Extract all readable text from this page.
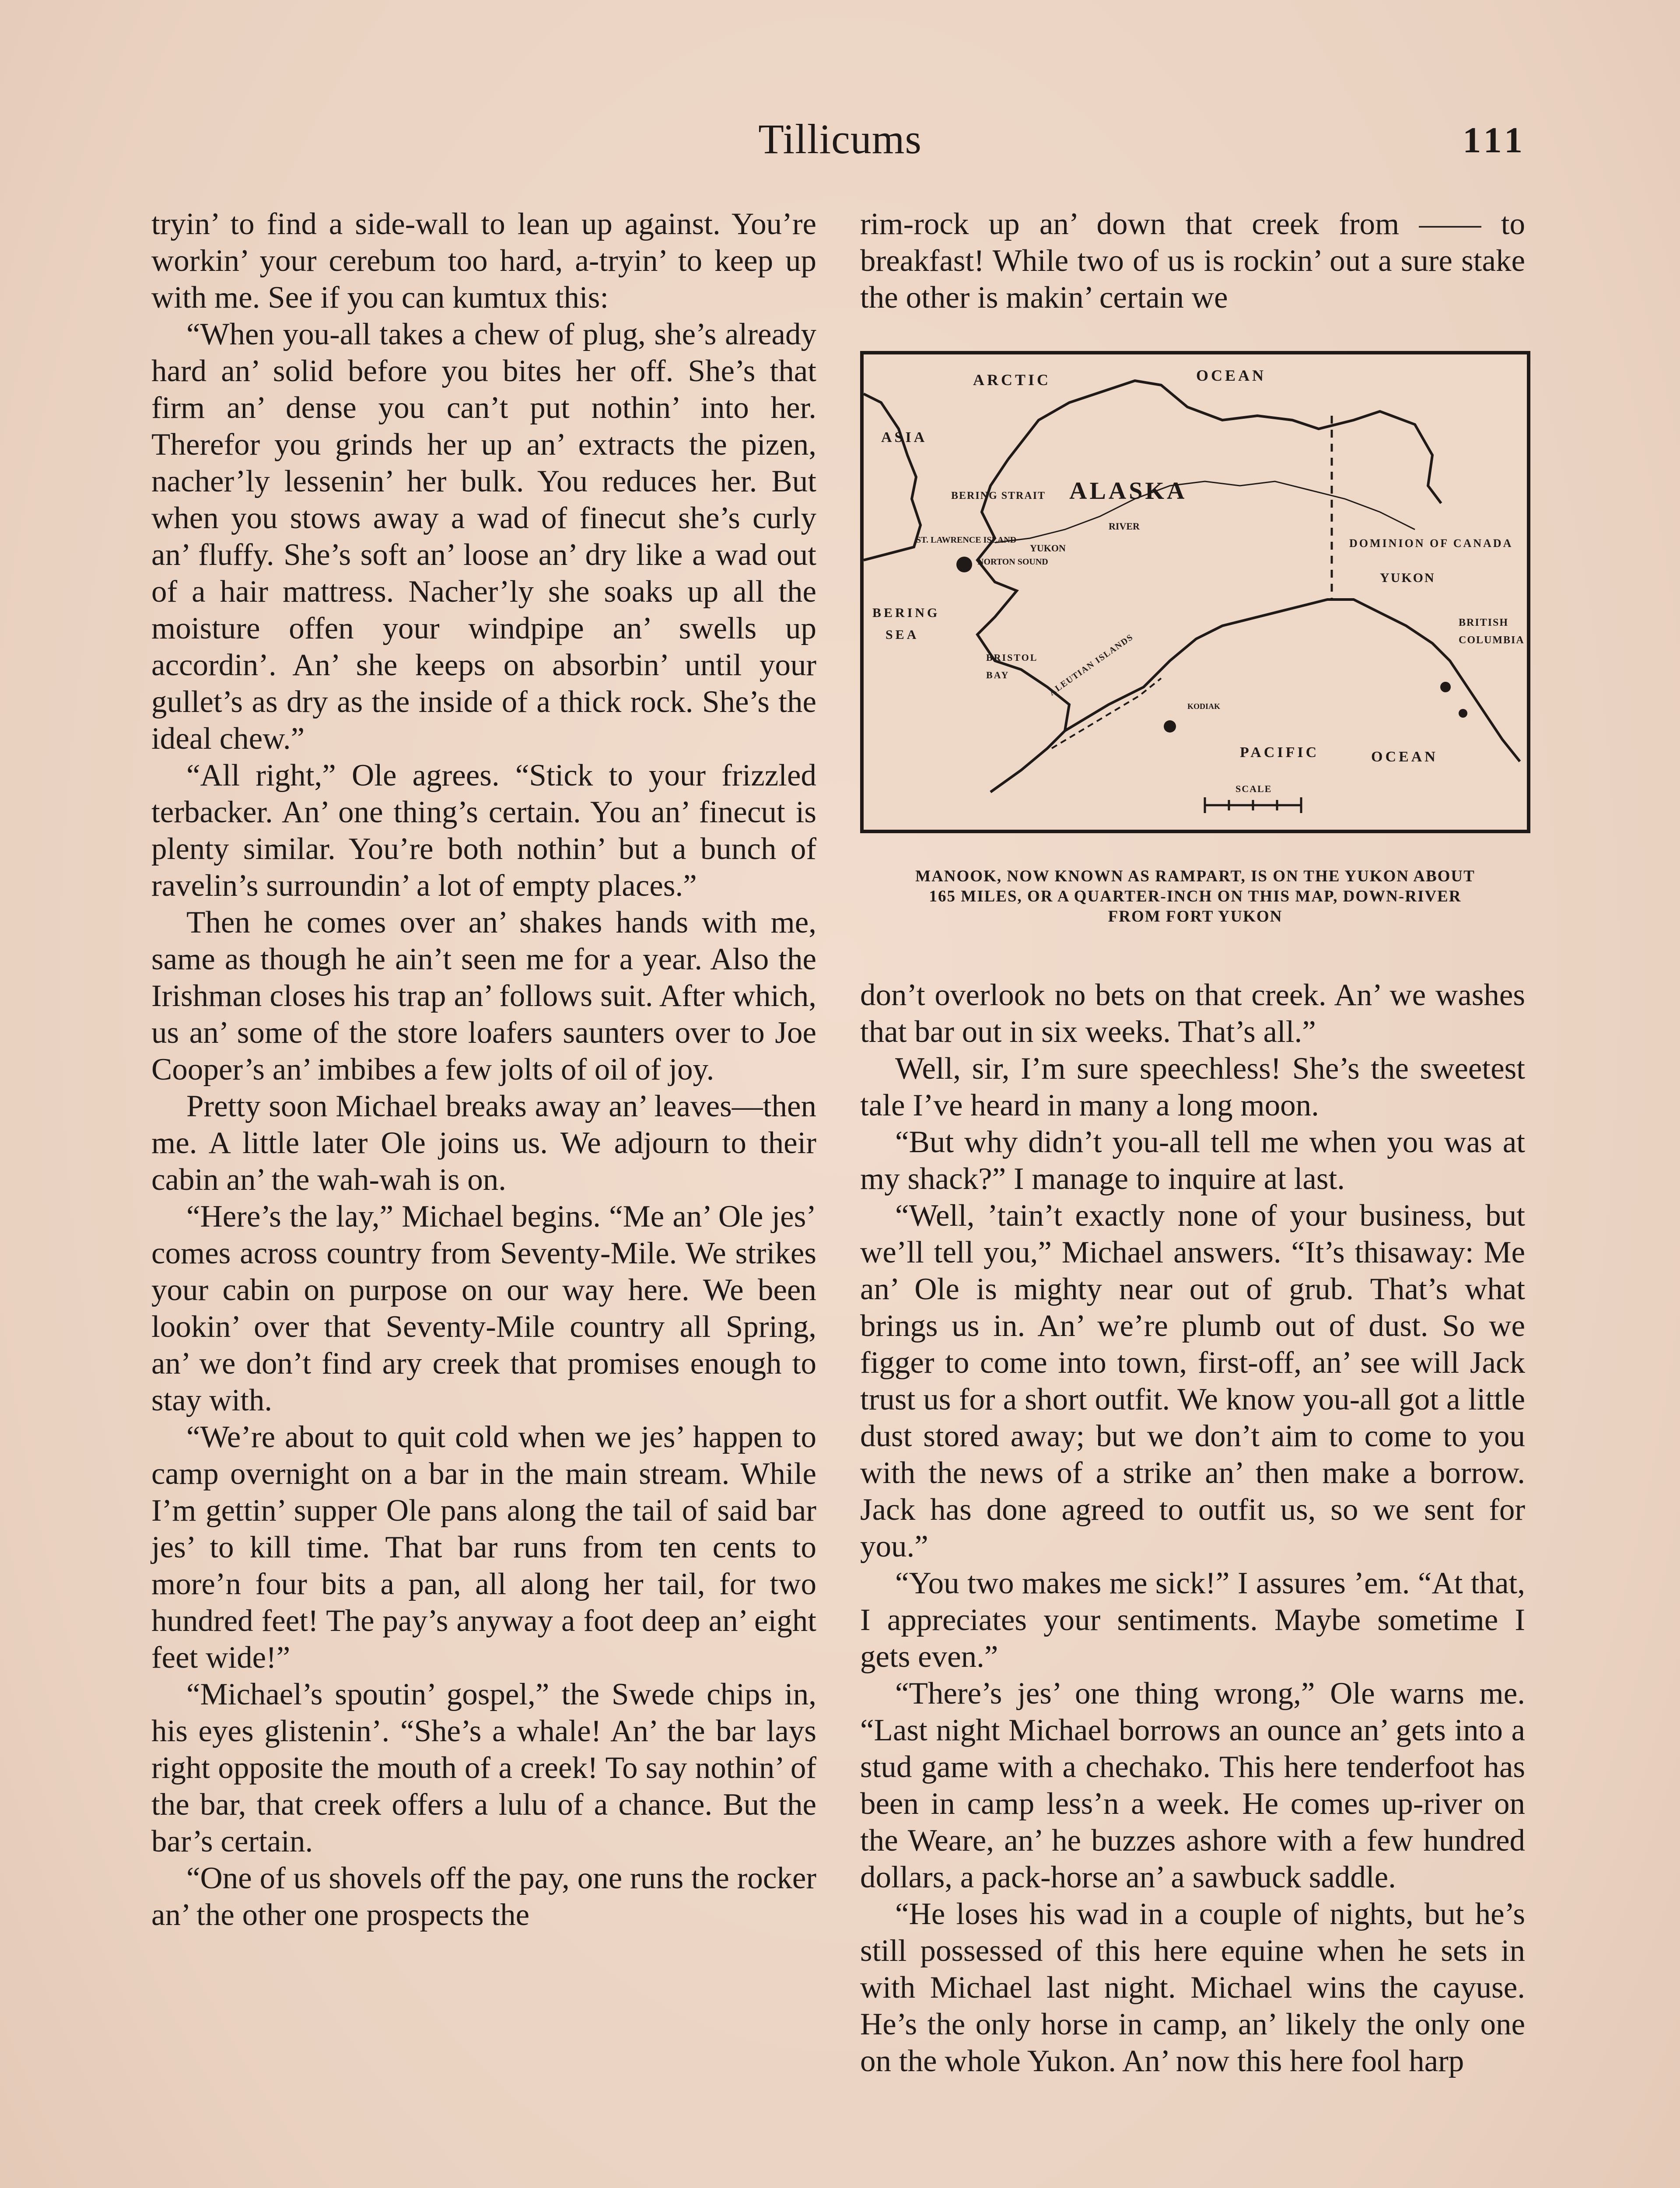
Tillicums	111

tryin’ to find a side-wall to lean up against. You’re workin’ your cerebum too hard, a-tryin’ to keep up with me. See if you can kumtux this:

“When you-all takes a chew of plug, she’s already hard an’ solid before you bites her off. She’s that firm an’ dense you can’t put nothin’ into her. Therefor you grinds her up an’ extracts the pizen, nacher’ly lessenin’ her bulk. You reduces her. But when you stows away a wad of finecut she’s curly an’ fluffy. She’s soft an’ loose an’ dry like a wad out of a hair mattress. Nacher’ly she soaks up all the moisture offen your windpipe an’ swells up accordin’. An’ she keeps on absorbin’ until your gullet’s as dry as the inside of a thick rock. She’s the ideal chew.”

“All right,” Ole agrees. “Stick to your frizzled terbacker. An’ one thing’s certain. You an’ finecut is plenty similar. You’re both nothin’ but a bunch of ravelin’s surroundin’ a lot of empty places.”

Then he comes over an’ shakes hands with me, same as though he ain’t seen me for a year. Also the Irishman closes his trap an’ follows suit. After which, us an’ some of the store loafers saunters over to Joe Cooper’s an’ imbibes a few jolts of oil of joy.

Pretty soon Michael breaks away an’ leaves—then me. A little later Ole joins us. We adjourn to their cabin an’ the wah-wah is on.

“Here’s the lay,” Michael begins. “Me an’ Ole jes’ comes across country from Seventy-Mile. We strikes your cabin on purpose on our way here. We been lookin’ over that Seventy-Mile country all Spring, an’ we don’t find ary creek that promises enough to stay with.

“We’re about to quit cold when we jes’ happen to camp overnight on a bar in the main stream. While I’m gettin’ supper Ole pans along the tail of said bar jes’ to kill time. That bar runs from ten cents to more’n four bits a pan, all along her tail, for two hundred feet! The pay’s anyway a foot deep an’ eight feet wide!”

“Michael’s spoutin’ gospel,” the Swede chips in, his eyes glistenin’. “She’s a whale! An’ the bar lays right opposite the mouth of a creek! To say nothin’ of the bar, that creek offers a lulu of a chance. But the bar’s certain.

“One of us shovels off the pay, one runs the rocker an’ the other one prospects the

rim-rock up an’ down that creek from —— to breakfast! While two of us is rockin’ out a sure stake the other is makin’ certain we

ARCTIC	OCEAN
ASIA
BERING STRAIT ALASKA
ST. LAWRENCE ISLAND
NORTON SOUND
YUKON
RIVER
DOMINION OF CANADA
YUKON
BERING
SEA
BRISTOL
BAY	ALEUTIAN ISLANDS
PACIFIC	OCEAN
BRITISH
COLUMBIA
SCALE
KODIAK
MANOOK, NOW KNOWN AS RAMPART, IS ON THE YUKON ABOUT
165 MILES, OR A QUARTER-INCH ON THIS MAP, DOWN-RIVER
FROM FORT YUKON

don’t overlook no bets on that creek. An’ we washes that bar out in six weeks. That’s all.”

Well, sir, I’m sure speechless! She’s the sweetest tale I’ve heard in many a long moon.

“But why didn’t you-all tell me when you was at my shack?” I manage to inquire at last.

“Well, ’tain’t exactly none of your business, but we’ll tell you,” Michael answers. “It’s thisaway: Me an’ Ole is mighty near out of grub. That’s what brings us in. An’ we’re plumb out of dust. So we figger to come into town, first-off, an’ see will Jack trust us for a short outfit. We know you-all got a little dust stored away; but we don’t aim to come to you with the news of a strike an’ then make a borrow. Jack has done agreed to outfit us, so we sent for you.”

“You two makes me sick!” I assures ’em. “At that, I appreciates your sentiments. Maybe sometime I gets even.”

“There’s jes’ one thing wrong,” Ole warns me. “Last night Michael borrows an ounce an’ gets into a stud game with a chechako. This here tenderfoot has been in camp less’n a week. He comes up-river on the Weare, an’ he buzzes ashore with a few hundred dollars, a pack-horse an’ a sawbuck saddle.

“He loses his wad in a couple of nights, but he’s still possessed of this here equine when he sets in with Michael last night. Michael wins the cayuse. He’s the only horse in camp, an’ likely the only one on the whole Yukon. An’ now this here fool harp
